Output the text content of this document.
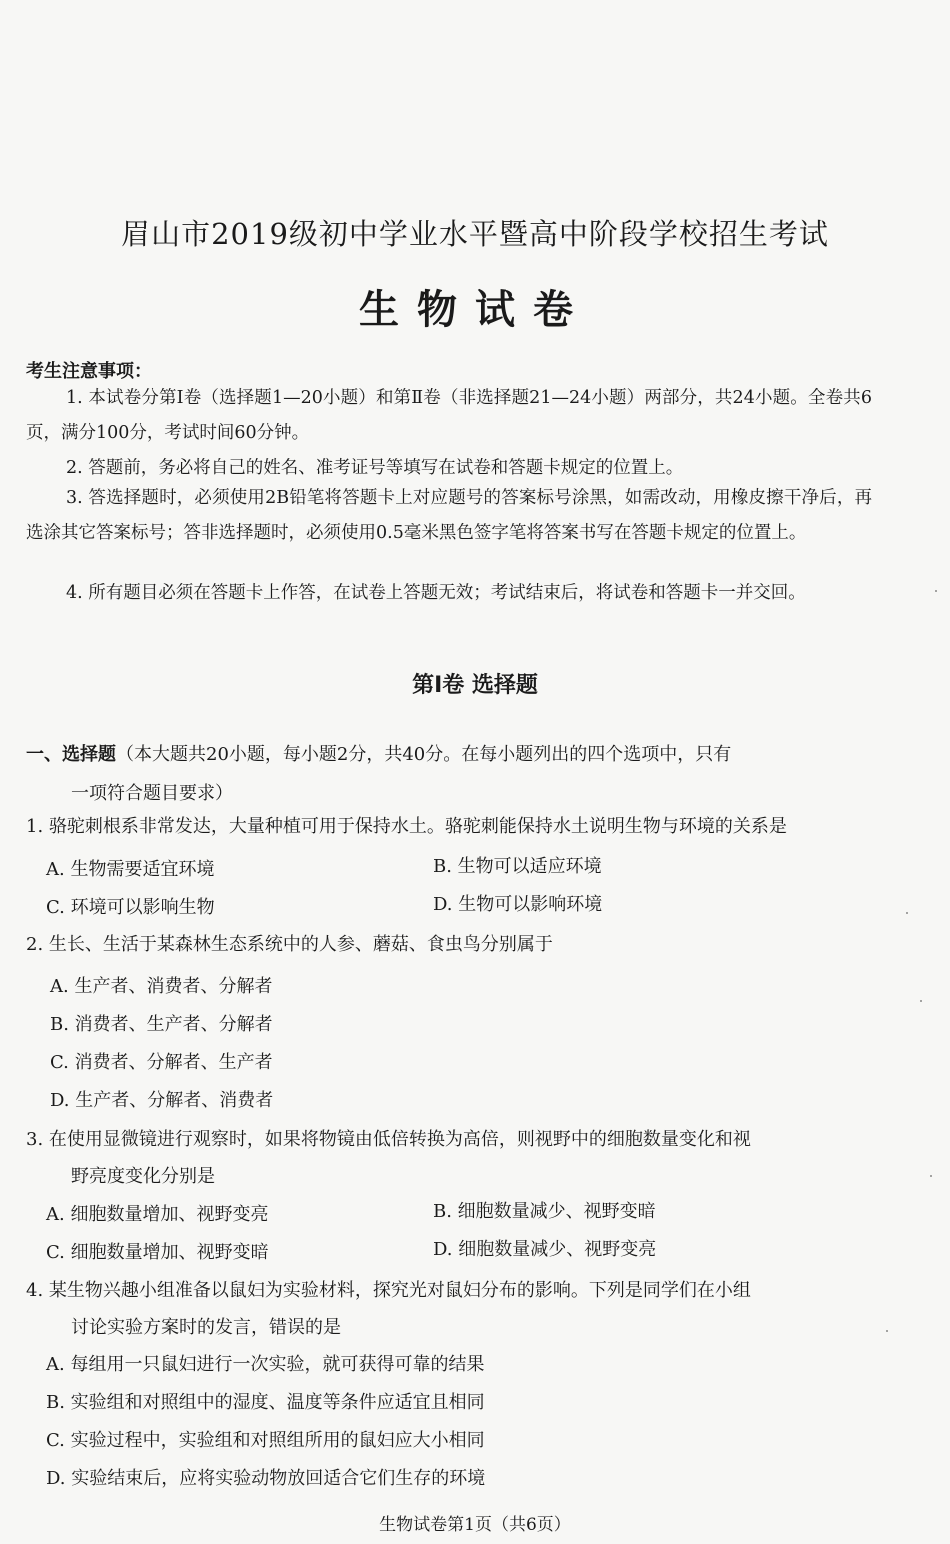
眉山市2019级初中学业水平暨高中阶段学校招生考试
生物试卷
考生注意事项：
1. 本试卷分第Ⅰ卷（选择题1—20小题）和第Ⅱ卷（非选择题21—24小题）两部分，共24小题。全卷共6页，满分100分，考试时间60分钟。
2. 答题前，务必将自己的姓名、准考证号等填写在试卷和答题卡规定的位置上。
3. 答选择题时，必须使用2B铅笔将答题卡上对应题号的答案标号涂黑，如需改动，用橡皮擦干净后，再选涂其它答案标号；答非选择题时，必须使用0.5毫米黑色签字笔将答案书写在答题卡规定的位置上。
4. 所有题目必须在答题卡上作答，在试卷上答题无效；考试结束后，将试卷和答题卡一并交回。
第Ⅰ卷 选择题
一、选择题（本大题共20小题，每小题2分，共40分。在每小题列出的四个选项中，只有
一项符合题目要求）
1. 骆驼刺根系非常发达，大量种植可用于保持水土。骆驼刺能保持水土说明生物与环境的关系是
A. 生物需要适宜环境	B. 生物可以适应环境
C. 环境可以影响生物	D. 生物可以影响环境
2. 生长、生活于某森林生态系统中的人参、蘑菇、食虫鸟分别属于
A. 生产者、消费者、分解者
B. 消费者、生产者、分解者
C. 消费者、分解者、生产者
D. 生产者、分解者、消费者
3. 在使用显微镜进行观察时，如果将物镜由低倍转换为高倍，则视野中的细胞数量变化和视
野亮度变化分别是
A. 细胞数量增加、视野变亮	B. 细胞数量减少、视野变暗
C. 细胞数量增加、视野变暗	D. 细胞数量减少、视野变亮
4. 某生物兴趣小组准备以鼠妇为实验材料，探究光对鼠妇分布的影响。下列是同学们在小组
讨论实验方案时的发言，错误的是
A. 每组用一只鼠妇进行一次实验，就可获得可靠的结果
B. 实验组和对照组中的湿度、温度等条件应适宜且相同
C. 实验过程中，实验组和对照组所用的鼠妇应大小相同
D. 实验结束后，应将实验动物放回适合它们生存的环境
生物试卷第1页（共6页）
